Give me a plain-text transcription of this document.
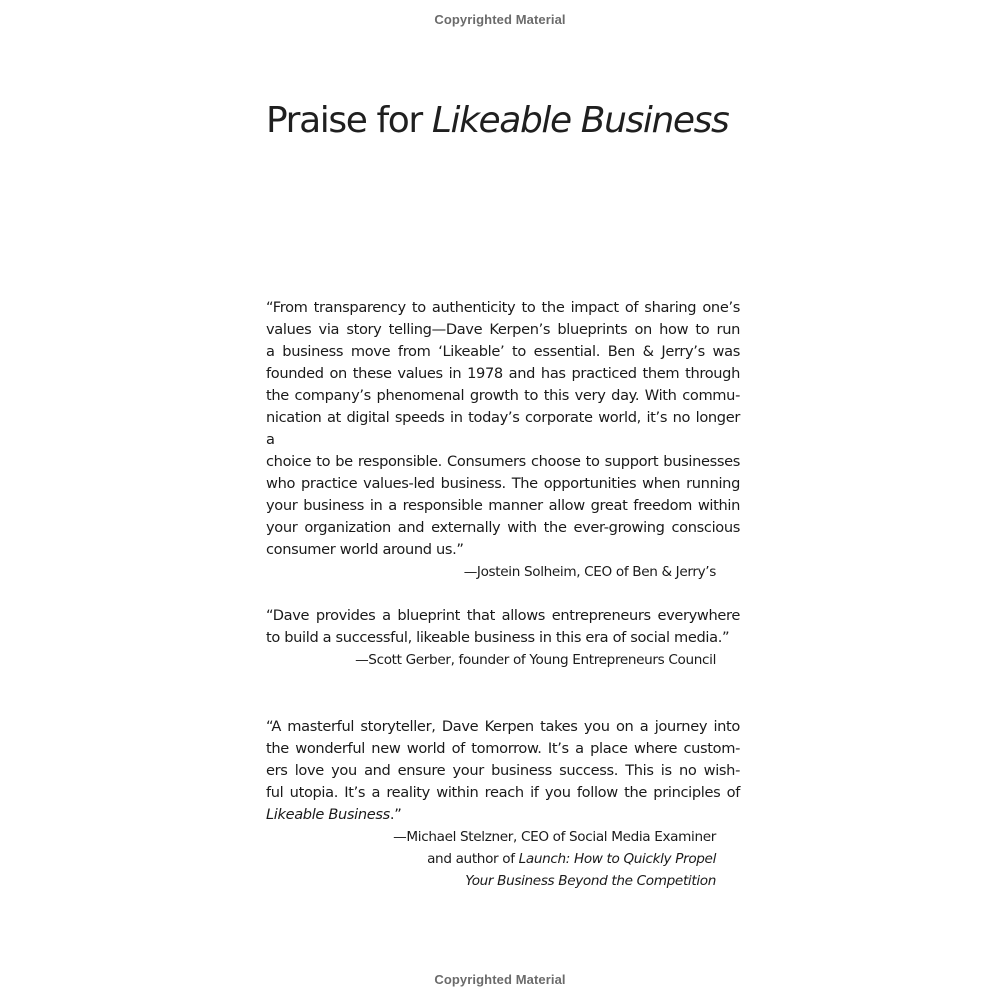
Copyrighted Material
Praise for Likeable Business

“From transparency to authenticity to the impact of sharing one’s
values via story telling—Dave Kerpen’s blueprints on how to run
a business move from ‘Likeable’ to essential. Ben & Jerry’s was
founded on these values in 1978 and has practiced them through
the company’s phenomenal growth to this very day. With commu-
nication at digital speeds in today’s corporate world, it’s no longer a
choice to be responsible. Consumers choose to support businesses
who practice values-led business. The opportunities when running
your business in a responsible manner allow great freedom within
your organization and externally with the ever-growing conscious
consumer world around us.”

—Jostein Solheim, CEO of Ben & Jerry’s

“Dave provides a blueprint that allows entrepreneurs everywhere
to build a successful, likeable business in this era of social media.”

—Scott Gerber, founder of Young Entrepreneurs Council

“A masterful storyteller, Dave Kerpen takes you on a journey into
the wonderful new world of tomorrow. It’s a place where custom-
ers love you and ensure your business success. This is no wish-
ful utopia. It’s a reality within reach if you follow the principles of
Likeable Business.”

—Michael Stelzner, CEO of Social Media Examiner
and author of Launch: How to Quickly Propel
Your Business Beyond the Competition
Copyrighted Material
